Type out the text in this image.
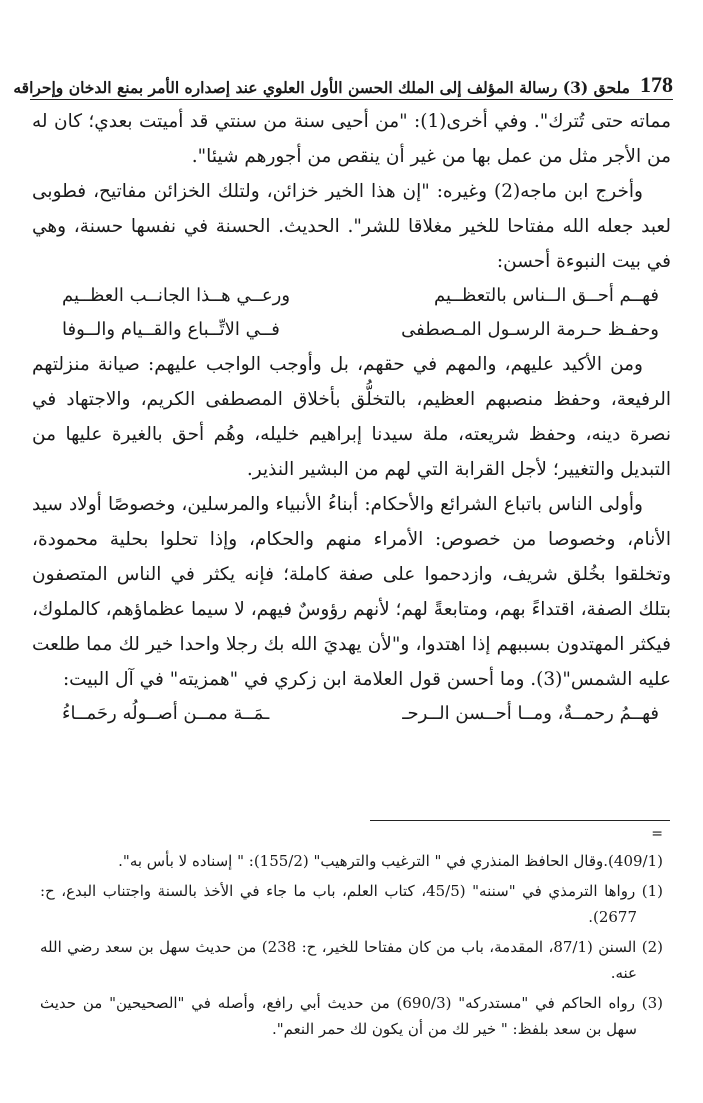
178
ملحق (3) رسالة المؤلف إلى الملك الحسن الأول العلوي عند إصداره الأمر بمنع الدخان وإحراقه

مماته حتى تُترك". وفي أخرى(1): "من أحيى سنة من سنتي قد أميتت بعدي؛ كان له من الأجر مثل من عمل بها من غير أن ينقص من أجورهم شيئا".

وأخرج ابن ماجه(2) وغيره: "إن هذا الخير خزائن، ولتلك الخزائن مفاتيح، فطوبى لعبد جعله الله مفتاحا للخير مغلاقا للشر". الحديث. الحسنة في نفسها حسنة، وهي في بيت النبوءة أحسن:

فهــم أحــق الــناس بالتعظــيم
ورعــي هــذا الجانــب العظــيم
وحفـظ حـرمة الرسـول المـصطفى
فــي الاتِّــباع والقــيام والــوفا

ومن الأكيد عليهم، والمهم في حقهم، بل وأوجب الواجب عليهم: صيانة منزلتهم الرفيعة، وحفظ منصبهم العظيم، بالتخلُّق بأخلاق المصطفى الكريم، والاجتهاد في نصرة دينه، وحفظ شريعته، ملة سيدنا إبراهيم خليله، وهُم أحق بالغيرة عليها من التبديل والتغيير؛ لأجل القرابة التي لهم من البشير النذير.

وأولى الناس باتباع الشرائع والأحكام: أبناءُ الأنبياء والمرسلين، وخصوصًا أولاد سيد الأنام، وخصوصا من خصوص: الأمراء منهم والحكام، وإذا تحلوا بحلية محمودة، وتخلقوا بخُلق شريف، وازدحموا على صفة كاملة؛ فإنه يكثر في الناس المتصفون بتلك الصفة، اقتداءً بهم، ومتابعةً لهم؛ لأنهم رؤوسٌ فيهم، لا سيما عظماؤهم، كالملوك، فيكثر المهتدون بسببهم إذا اهتدوا، و"لأن يهديَ الله بك رجلا واحدا خير لك مما طلعت عليه الشمس"(3). وما أحسن قول العلامة ابن زكري في "همزيته" في آل البيت:

فهــمُ رحمــةٌ، ومــا أحــسن الــرحـ
ـمَــة ممــن أصــولُه رحَمــاءُ
=

(409/1).وقال الحافظ المنذري في " الترغيب والترهيب" (155/2): " إسناده لا بأس به".

(1) رواها الترمذي في "سننه" (45/5، كتاب العلم، باب ما جاء في الأخذ بالسنة واجتناب البدع، ح: 2677).

(2) السنن (87/1، المقدمة، باب من كان مفتاحا للخير، ح: 238) من حديث سهل بن سعد رضي الله عنه.

(3) رواه الحاكم في "مستدركه" (690/3) من حديث أبي رافع، وأصله في "الصحيحين" من حديث سهل بن سعد بلفظ: " خير لك من أن يكون لك حمر النعم".
